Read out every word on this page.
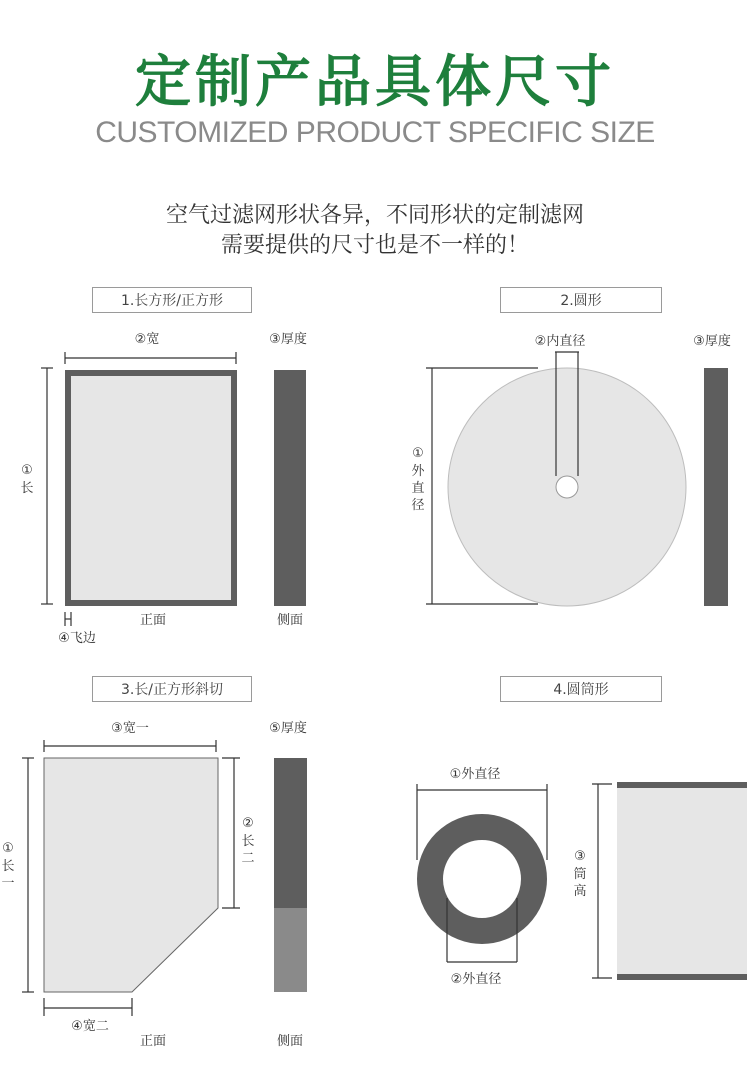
定制产品具体尺寸
CUSTOMIZED PRODUCT SPECIFIC SIZE
空气过滤网形状各异，不同形状的定制滤网
需要提供的尺寸也是不一样的！
1.长方形/正方形	2.圆形
3.长/正方形斜切	4.圆筒形
②宽	③厚度
①
长
④飞边
正面	侧面
②内直径	③厚度
①
外
直
径
③宽一	⑤厚度
①
长
一
②
长
二
④宽二
正面	侧面
①外直径
②外直径
③
筒
高
